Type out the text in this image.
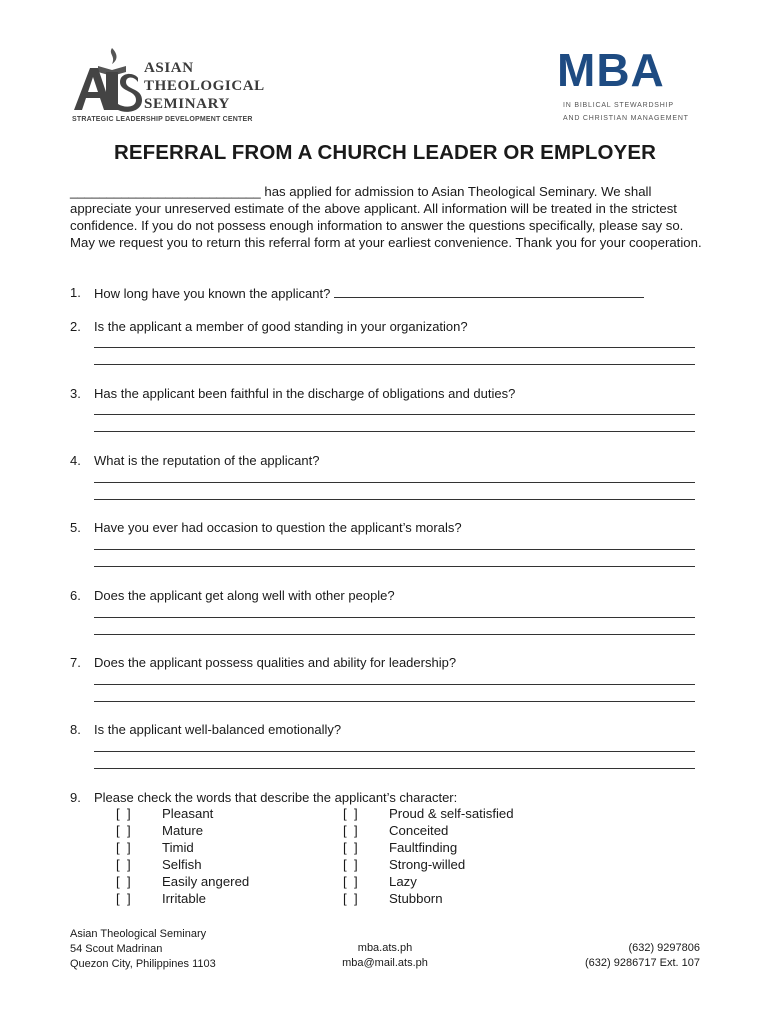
ASIAN
THEOLOGICAL
SEMINARY
STRATEGIC LEADERSHIP DEVELOPMENT CENTER
MBA
IN BIBLICAL STEWARDSHIP
AND CHRISTIAN MANAGEMENT
REFERRAL FROM A CHURCH LEADER OR EMPLOYER

__________________________ has applied for admission to Asian Theological Seminary. We shall appreciate your unreserved estimate of the above applicant. All information will be treated in the strictest confidence. If you do not possess enough information to answer the questions specifically, please say so. May we request you to return this referral form at your earliest convenience. Thank you for your cooperation.

1. How long have you known the applicant?
2. Is the applicant a member of good standing in your organization?
3. Has the applicant been faithful in the discharge of obligations and duties?
4. What is the reputation of the applicant?
5. Have you ever had occasion to question the applicant’s morals?
6. Does the applicant get along well with other people?
7. Does the applicant possess qualities and ability for leadership?
8. Is the applicant well-balanced emotionally?
9. Please check the words that describe the applicant’s character:
[  ] Pleasant
[  ] Mature
[  ] Timid
[  ] Selfish
[  ] Easily angered
[  ] Irritable
[  ] Proud & self-satisfied
[  ] Conceited
[  ] Faultfinding
[  ] Strong-willed
[  ] Lazy
[  ] Stubborn
Asian Theological Seminary
54 Scout Madrinan
Quezon City, Philippines 1103
mba.ats.ph
mba@mail.ats.ph
(632) 9297806
(632) 9286717 Ext. 107
